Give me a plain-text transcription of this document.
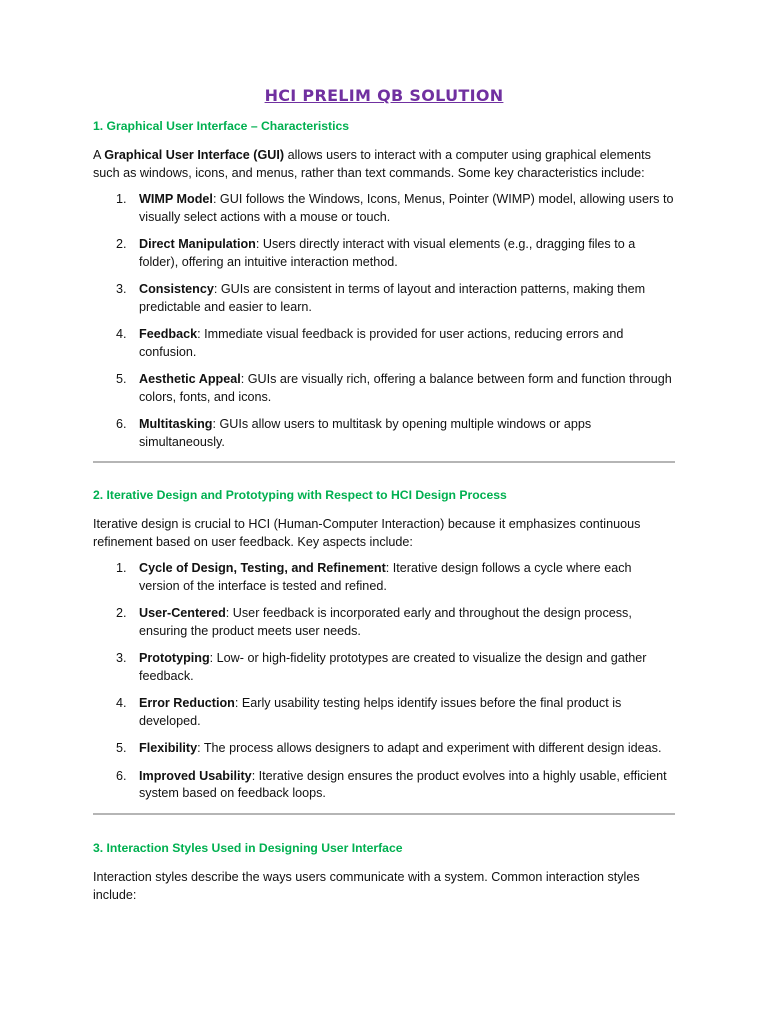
HCI PRELIM QB SOLUTION
1. Graphical User Interface – Characteristics

A Graphical User Interface (GUI) allows users to interact with a computer using graphical elements such as windows, icons, and menus, rather than text commands. Some key characteristics include:

1. WIMP Model: GUI follows the Windows, Icons, Menus, Pointer (WIMP) model, allowing users to visually select actions with a mouse or touch.
2. Direct Manipulation: Users directly interact with visual elements (e.g., dragging files to a folder), offering an intuitive interaction method.
3. Consistency: GUIs are consistent in terms of layout and interaction patterns, making them predictable and easier to learn.
4. Feedback: Immediate visual feedback is provided for user actions, reducing errors and confusion.
5. Aesthetic Appeal: GUIs are visually rich, offering a balance between form and function through colors, fonts, and icons.
6. Multitasking: GUIs allow users to multitask by opening multiple windows or apps simultaneously.
2. Iterative Design and Prototyping with Respect to HCI Design Process

Iterative design is crucial to HCI (Human-Computer Interaction) because it emphasizes continuous refinement based on user feedback. Key aspects include:

1. Cycle of Design, Testing, and Refinement: Iterative design follows a cycle where each version of the interface is tested and refined.
2. User-Centered: User feedback is incorporated early and throughout the design process, ensuring the product meets user needs.
3. Prototyping: Low- or high-fidelity prototypes are created to visualize the design and gather feedback.
4. Error Reduction: Early usability testing helps identify issues before the final product is developed.
5. Flexibility: The process allows designers to adapt and experiment with different design ideas.
6. Improved Usability: Iterative design ensures the product evolves into a highly usable, efficient system based on feedback loops.
3. Interaction Styles Used in Designing User Interface

Interaction styles describe the ways users communicate with a system. Common interaction styles include:
